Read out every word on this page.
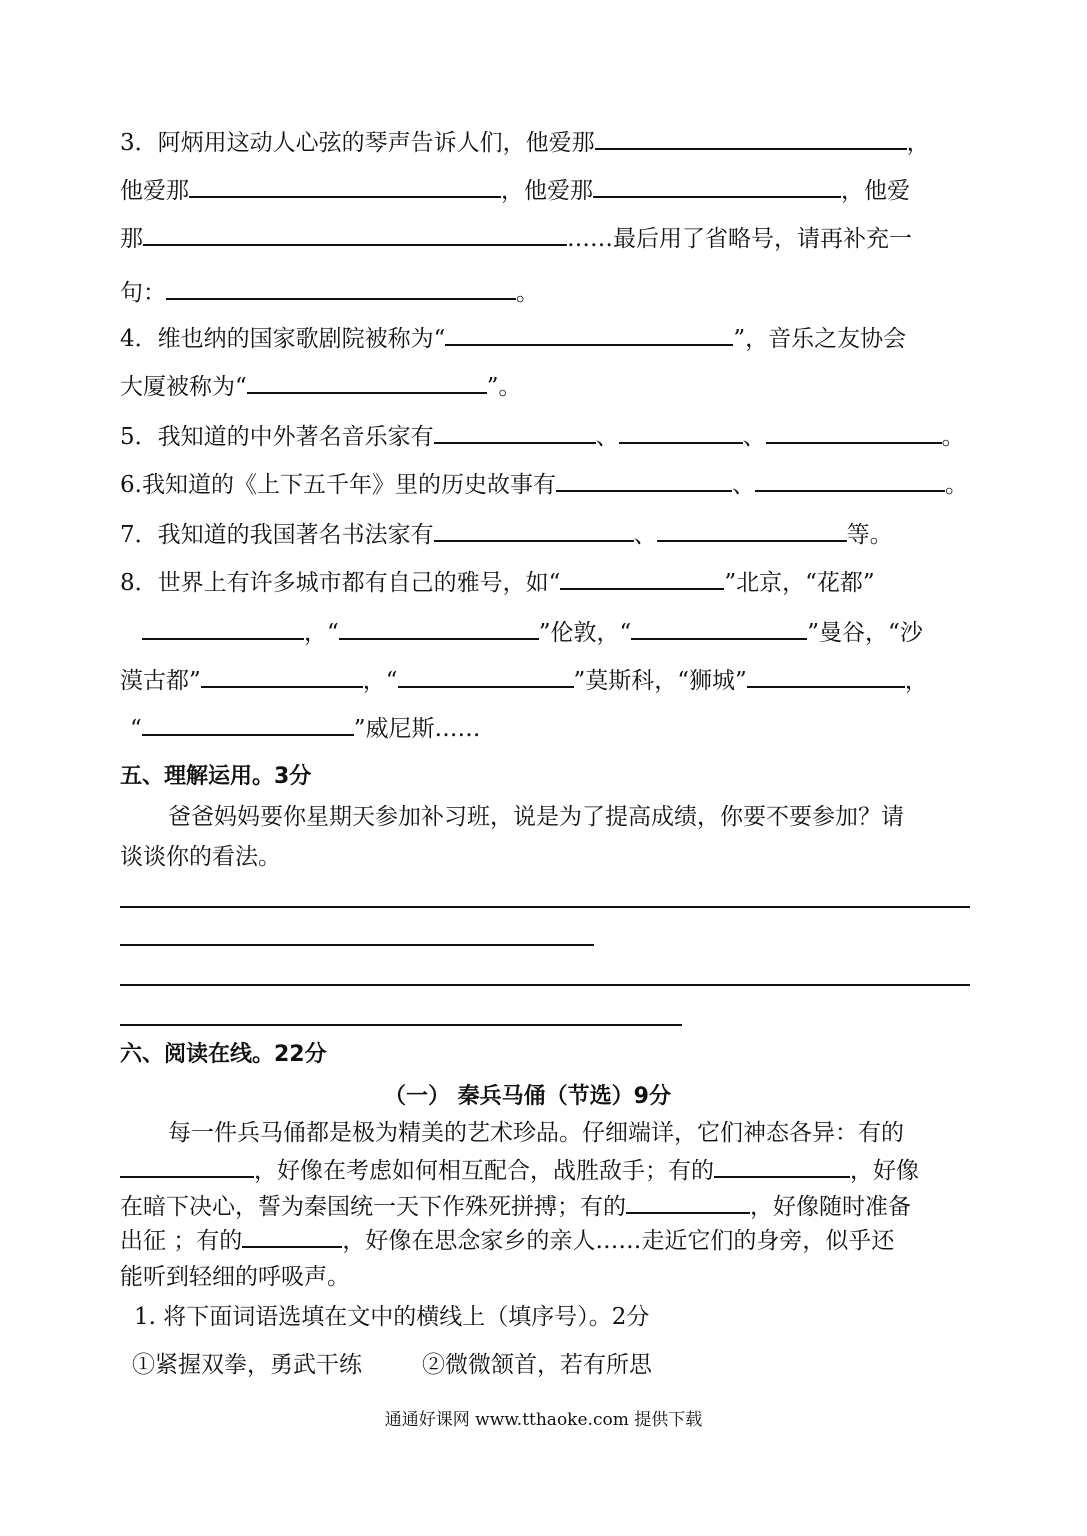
3．阿炳用这动人心弦的琴声告诉人们，他爱那	，
他爱那	，他爱那	，他爱
那	……最后用了省略号，请再补充一
句：	。
4．维也纳的国家歌剧院被称为“	”，音乐之友协会
大厦被称为“	”。
5．我知道的中外著名音乐家有	、	、	。
6.我知道的《上下五千年》里的历史故事有	、	。
7．我知道的我国著名书法家有	、	等。
8．世界上有许多城市都有自己的雅号，如“	”北京，“花都”
，“	”伦敦，“	”曼谷，“沙
漠古都”	，“	”莫斯科，“狮城”	，
“	”威尼斯……
五、理解运用。3分
爸爸妈妈要你星期天参加补习班，说是为了提高成绩，你要不要参加？请
谈谈你的看法。
六、阅读在线。22分
（一） 秦兵马俑（节选）9分
每一件兵马俑都是极为精美的艺术珍品。仔细端详，它们神态各异：有的
，好像在考虑如何相互配合，战胜敌手；有的	，好像
在暗下决心，誓为秦国统一天下作殊死拼搏；有的	，好像随时准备
出征 ；有的	，好像在思念家乡的亲人……走近它们的身旁，似乎还
能听到轻细的呼吸声。
1. 将下面词语选填在文中的横线上（填序号）。2分
①紧握双拳，勇武干练	②微微颔首，若有所思
通通好课网 www.tthaoke.com 提供下载
